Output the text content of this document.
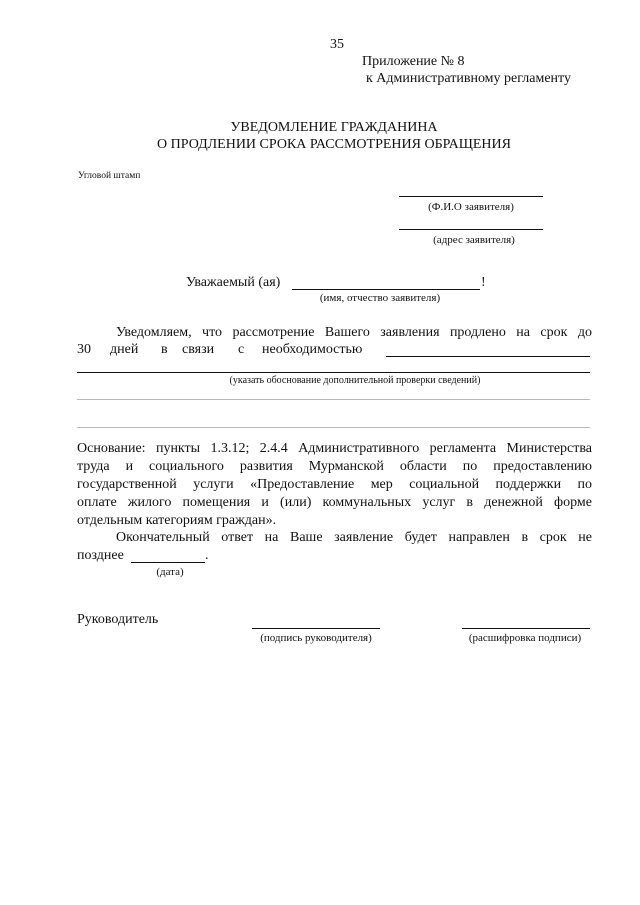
35
Приложение № 8
к Административному регламенту
УВЕДОМЛЕНИЕ ГРАЖДАНИНА
О ПРОДЛЕНИИ СРОКА РАССМОТРЕНИЯ ОБРАЩЕНИЯ
Угловой штамп
(Ф.И.О заявителя)
(адрес заявителя)
Уважаемый (ая)	!
(имя, отчество заявителя)
Уведомляем, что рассмотрение Вашего заявления продлено на срок до
30 дней в связи с необходимостью
(указать обоснование дополнительной проверки сведений)
Основание: пункты 1.3.12; 2.4.4 Административного регламента Министерства
труда и социального развития Мурманской области по предоставлению
государственной услуги «Предоставление мер социальной поддержки по
оплате жилого помещения и (или) коммунальных услуг в денежной форме
отдельным категориям граждан».
Окончательный ответ на Ваше заявление будет направлен в срок не
позднее	.
(дата)
Руководитель
(подпись руководителя)	(расшифровка подписи)
